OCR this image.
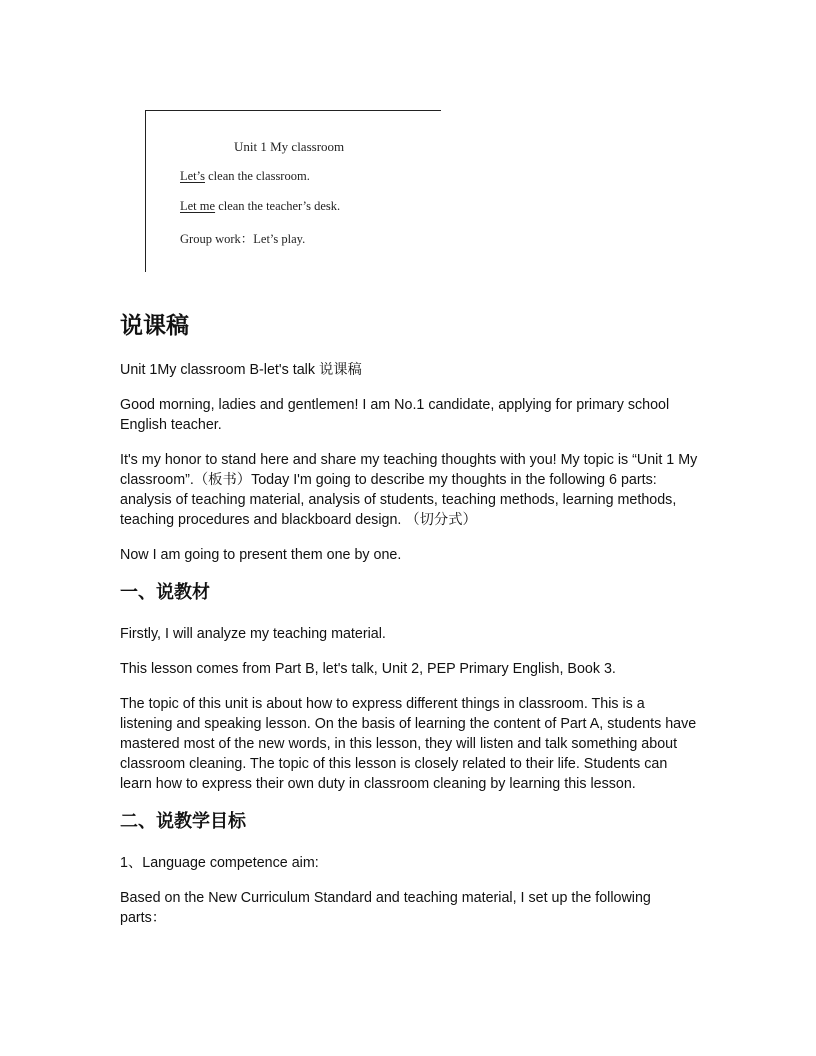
Unit 1 My classroom
Let’s clean the classroom.
Let me clean the teacher’s desk.
Group work：Let’s play.
说课稿

Unit 1My classroom B-let's talk 说课稿

Good morning, ladies and gentlemen! I am No.1 candidate, applying for primary school English teacher.

It's my honor to stand here and share my teaching thoughts with you! My topic is “Unit 1 My classroom”.（板书）Today I'm going to describe my thoughts in the following 6 parts: analysis of teaching material, analysis of students, teaching methods, learning methods, teaching procedures and blackboard design. （切分式）

Now I am going to present them one by one.

一、说教材

Firstly, I will analyze my teaching material.

This lesson comes from Part B, let's talk, Unit 2, PEP Primary English, Book 3.

The topic of this unit is about how to express different things in classroom. This is a listening and speaking lesson. On the basis of learning the content of Part A, students have mastered most of the new words, in this lesson, they will listen and talk something about classroom cleaning. The topic of this lesson is closely related to their life. Students can learn how to express their own duty in classroom cleaning by learning this lesson.

二、说教学目标

1、Language competence aim:

Based on the New Curriculum Standard and teaching material, I set up the following parts：
